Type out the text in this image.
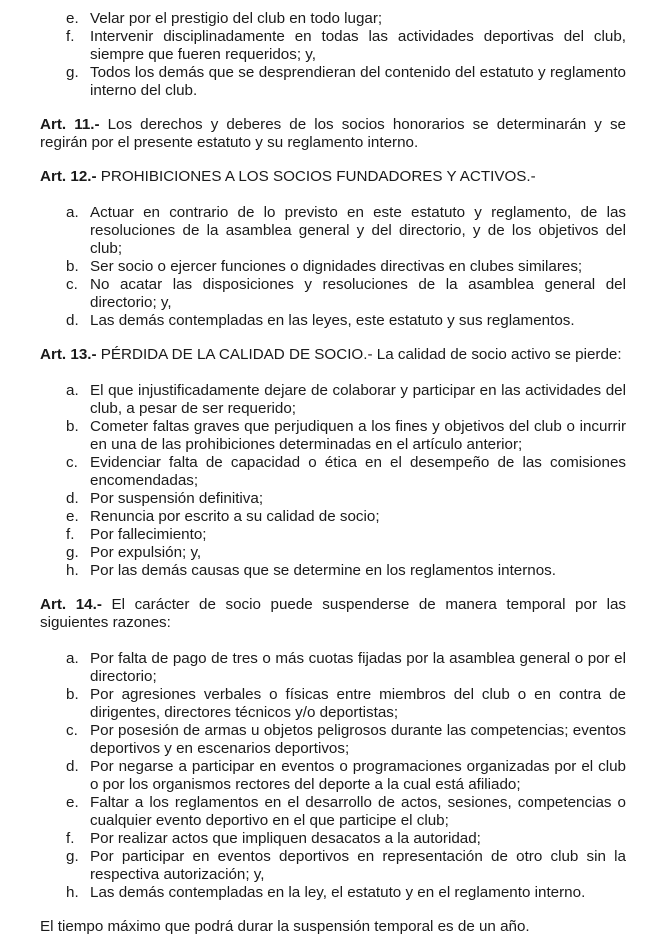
e. Velar por el prestigio del club en todo lugar;
f. Intervenir disciplinadamente en todas las actividades deportivas del club, siempre que fueren requeridos; y,
g. Todos los demás que se desprendieran del contenido del estatuto y reglamento interno del club.

Art. 11.- Los derechos y deberes de los socios honorarios se determinarán y se regirán por el presente estatuto y su reglamento interno.

Art. 12.- PROHIBICIONES A LOS SOCIOS FUNDADORES Y ACTIVOS.-

a. Actuar en contrario de lo previsto en este estatuto y reglamento, de las resoluciones de la asamblea general y del directorio, y de los objetivos del club;
b. Ser socio o ejercer funciones o dignidades directivas en clubes similares;
c. No acatar las disposiciones y resoluciones de la asamblea general del directorio; y,
d. Las demás contempladas en las leyes, este estatuto y sus reglamentos.

Art. 13.- PÉRDIDA DE LA CALIDAD DE SOCIO.- La calidad de socio activo se pierde:

a. El que injustificadamente dejare de colaborar y participar en las actividades del club, a pesar de ser requerido;
b. Cometer faltas graves que perjudiquen a los fines y objetivos del club o incurrir en una de las prohibiciones determinadas en el artículo anterior;
c. Evidenciar falta de capacidad o ética en el desempeño de las comisiones encomendadas;
d. Por suspensión definitiva;
e. Renuncia por escrito a su calidad de socio;
f. Por fallecimiento;
g. Por expulsión; y,
h. Por las demás causas que se determine en los reglamentos internos.

Art. 14.- El carácter de socio puede suspenderse de manera temporal por las siguientes razones:

a. Por falta de pago de tres o más cuotas fijadas por la asamblea general o por el directorio;
b. Por agresiones verbales o físicas entre miembros del club o en contra de dirigentes, directores técnicos y/o deportistas;
c. Por posesión de armas u objetos peligrosos durante las competencias; eventos deportivos y en escenarios deportivos;
d. Por negarse a participar en eventos o programaciones organizadas por el club o por los organismos rectores del deporte a la cual está afiliado;
e. Faltar a los reglamentos en el desarrollo de actos, sesiones, competencias o cualquier evento deportivo en el que participe el club;
f. Por realizar actos que impliquen desacatos a la autoridad;
g. Por participar en eventos deportivos en representación de otro club sin la respectiva autorización; y,
h. Las demás contempladas en la ley, el estatuto y en el reglamento interno.

El tiempo máximo que podrá durar la suspensión temporal es de un año.
